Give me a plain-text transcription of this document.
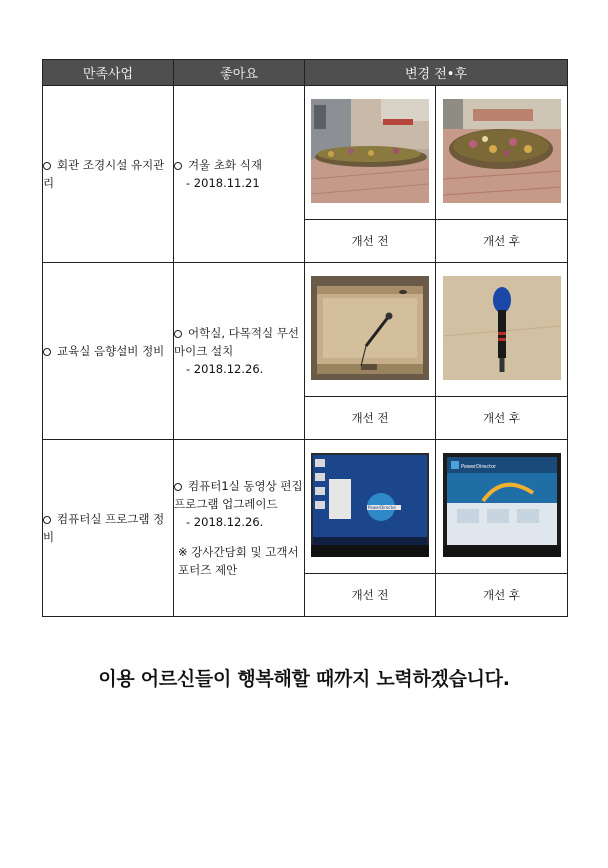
만족사업	좋아요	변경 전•후	
회관 조경시설 유지관리	겨울 초화 식재
- 2018.11.21

		개선 전	개선 후
교육실 음향설비 정비	어학실, 다목적실 무선마이크 설치
- 2018.12.26.

		개선 전	개선 후
컴퓨터실 프로그램 정비	컴퓨터1실 동영상 편집 프로그램 업그레이드
- 2018.12.26.
※ 강사간담회 및 고객서포터즈 제안	PowerDirector	PowerDirector

		개선 전	개선 후
이용 어르신들이 행복해할 때까지 노력하겠습니다.
